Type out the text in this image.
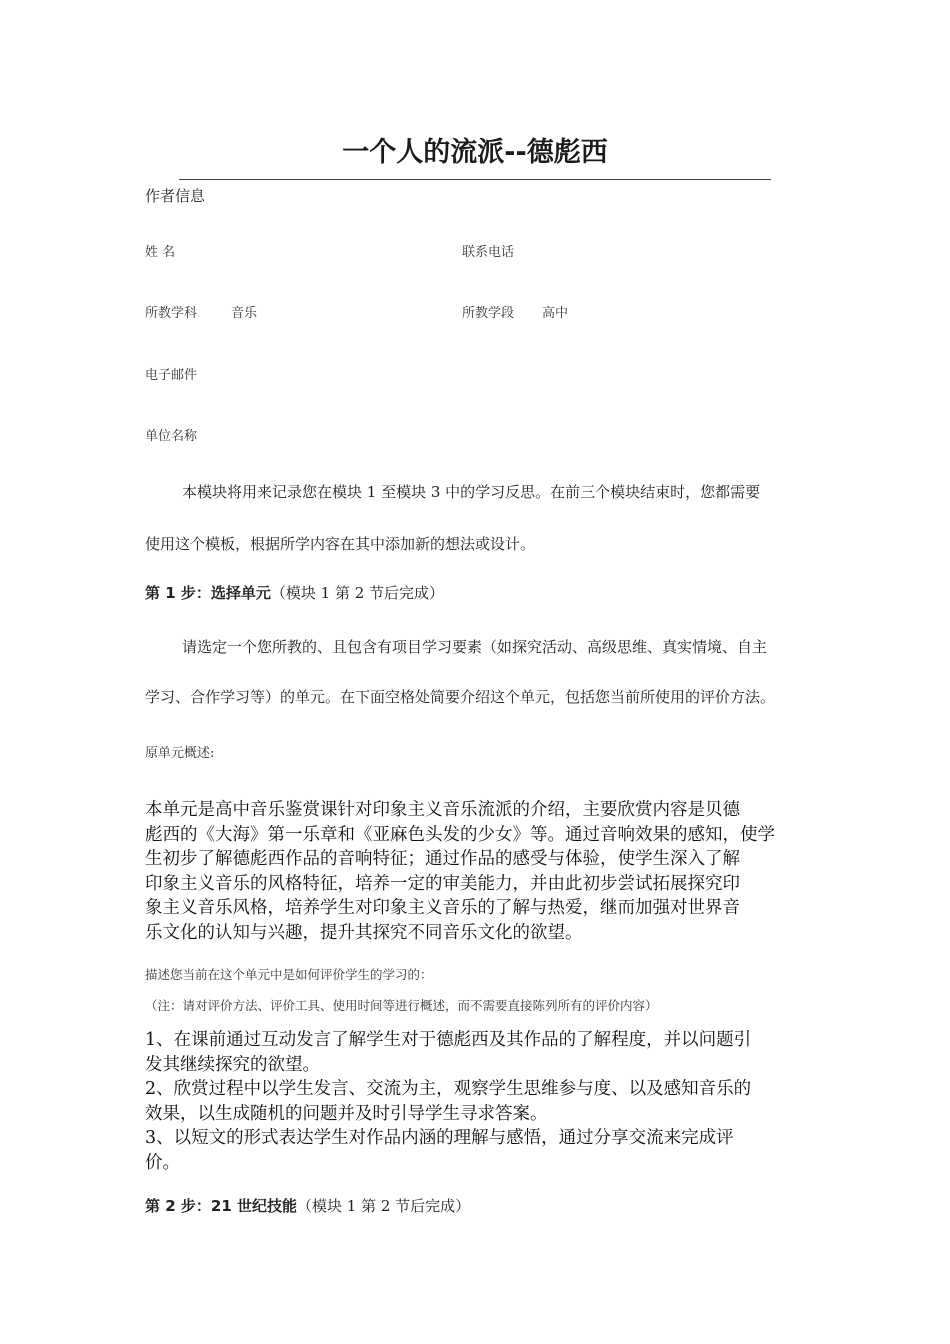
一个人的流派--德彪西
作者信息
姓 名	联系电话
所教学科	音乐	所教学段 高中
电子邮件
单位名称
本模块将用来记录您在模块 1 至模块 3 中的学习反思。在前三个模块结束时，您都需要
使用这个模板，根据所学内容在其中添加新的想法或设计。
第 1 步：选择单元（模块 1 第 2 节后完成）
请选定一个您所教的、且包含有项目学习要素（如探究活动、高级思维、真实情境、自主
学习、合作学习等）的单元。在下面空格处简要介绍这个单元，包括您当前所使用的评价方法。
原单元概述:
本单元是高中音乐鉴赏课针对印象主义音乐流派的介绍，主要欣赏内容是贝德
彪西的《大海》第一乐章和《亚麻色头发的少女》等。通过音响效果的感知，使学
生初步了解德彪西作品的音响特征；通过作品的感受与体验，使学生深入了解
印象主义音乐的风格特征，培养一定的审美能力，并由此初步尝试拓展探究印
象主义音乐风格，培养学生对印象主义音乐的了解与热爱，继而加强对世界音
乐文化的认知与兴趣，提升其探究不同音乐文化的欲望。
描述您当前在这个单元中是如何评价学生的学习的：
（注：请对评价方法、评价工具、使用时间等进行概述，而不需要直接陈列所有的评价内容）
1、在课前通过互动发言了解学生对于德彪西及其作品的了解程度，并以问题引
发其继续探究的欲望。
2、欣赏过程中以学生发言、交流为主，观察学生思维参与度、以及感知音乐的
效果，以生成随机的问题并及时引导学生寻求答案。
3、以短文的形式表达学生对作品内涵的理解与感悟，通过分享交流来完成评
价。
第 2 步：21 世纪技能（模块 1 第 2 节后完成）
